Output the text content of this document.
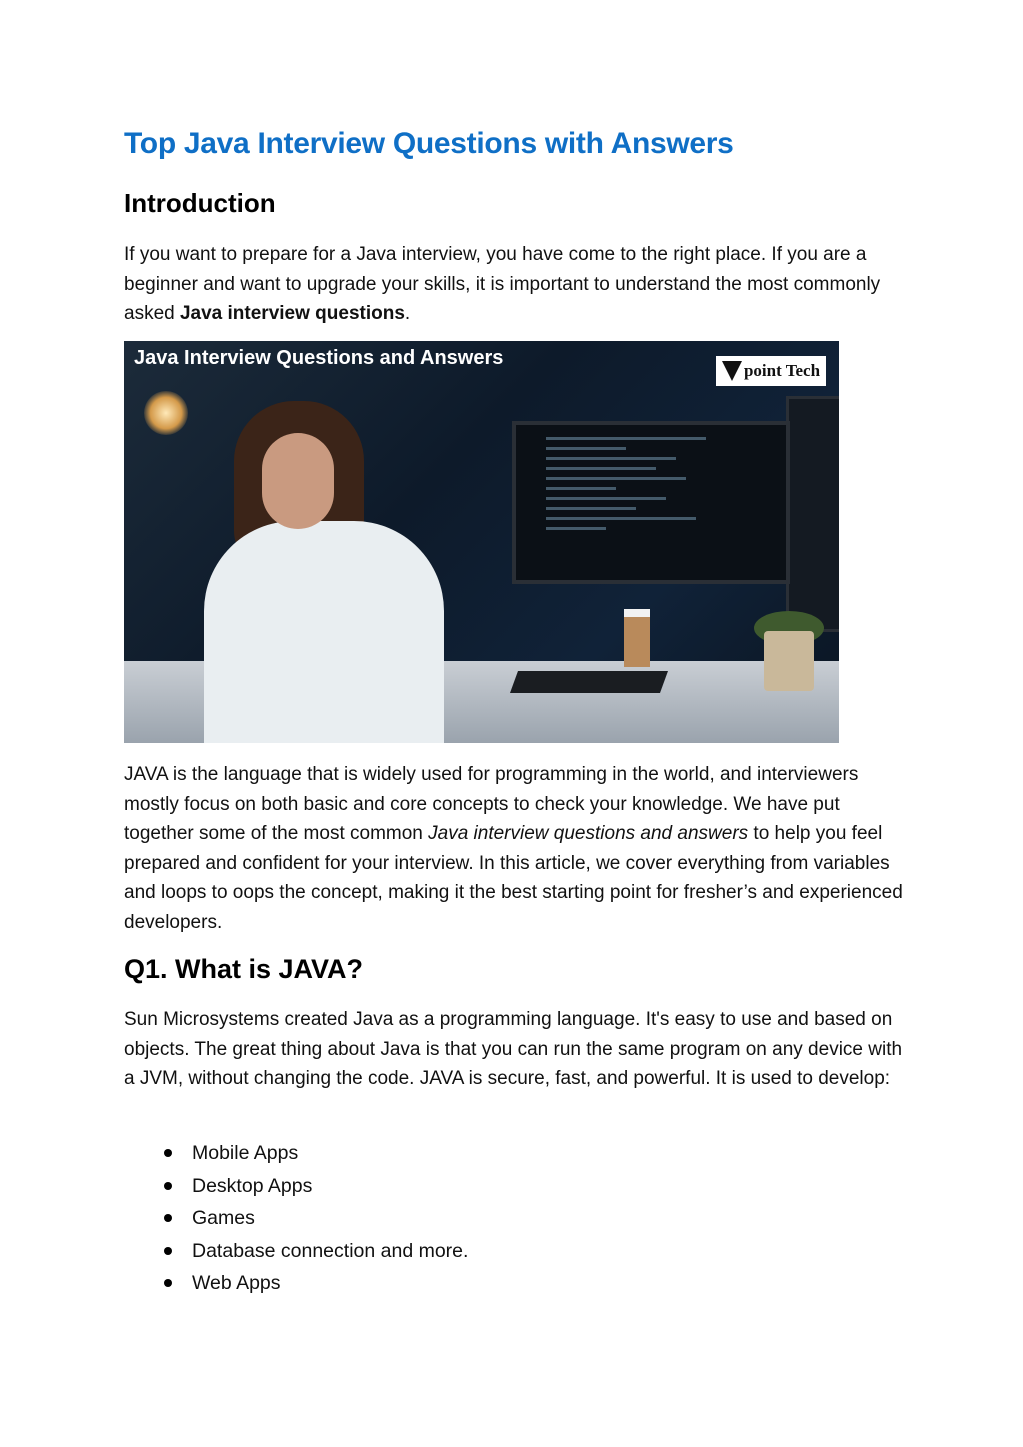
Top Java Interview Questions with Answers
Introduction

If you want to prepare for a Java interview, you have come to the right place. If you are a beginner and want to upgrade your skills, it is important to understand the most commonly asked Java interview questions.

Java Interview Questions and Answers
point Tech

JAVA is the language that is widely used for programming in the world, and interviewers mostly focus on both basic and core concepts to check your knowledge. We have put together some of the most common Java interview questions and answers to help you feel prepared and confident for your interview. In this article, we cover everything from variables and loops to oops the concept, making it the best starting point for fresher’s and experienced developers.

Q1. What is JAVA?

Sun Microsystems created Java as a programming language. It's easy to use and based on objects. The great thing about Java is that you can run the same program on any device with a JVM, without changing the code. JAVA is secure, fast, and powerful. It is used to develop:

Mobile Apps
Desktop Apps
Games
Database connection and more.
Web Apps
